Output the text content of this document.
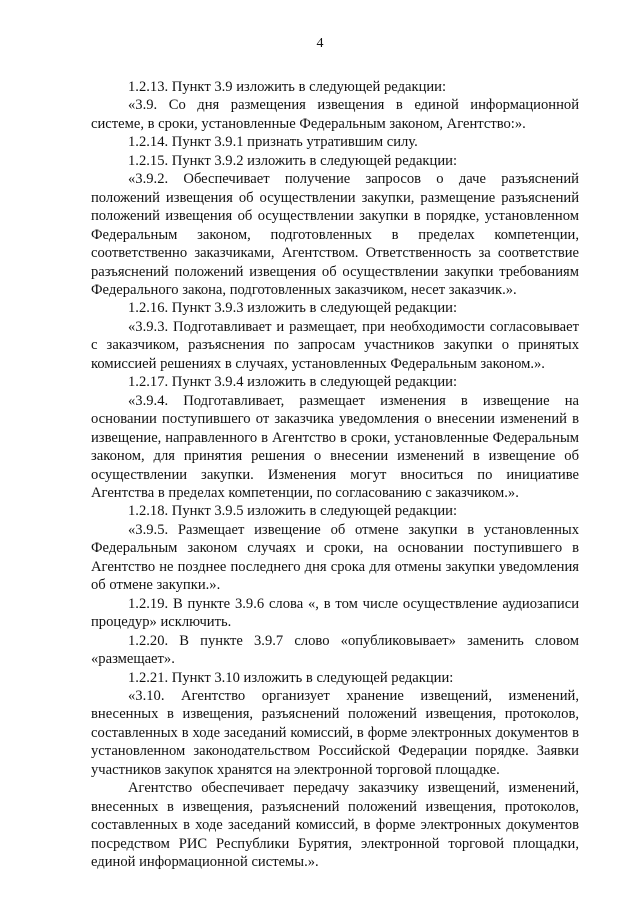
4

1.2.13. Пункт 3.9 изложить в следующей редакции:

«3.9. Со дня размещения извещения в единой информационной
системе, в сроки, установленные Федеральным законом, Агентство:».

1.2.14. Пункт 3.9.1 признать утратившим силу.

1.2.15. Пункт 3.9.2 изложить в следующей редакции:

«3.9.2. Обеспечивает получение запросов о даче разъяснений
положений извещения об осуществлении закупки, размещение разъяснений
положений извещения об осуществлении закупки в порядке, установленном
Федеральным законом, подготовленных в пределах компетенции,
соответственно заказчиками, Агентством. Ответственность за соответствие
разъяснений положений извещения об осуществлении закупки требованиям
Федерального закона, подготовленных заказчиком, несет заказчик.».

1.2.16. Пункт 3.9.3 изложить в следующей редакции:

«3.9.3. Подготавливает и размещает, при необходимости согласовывает
с заказчиком, разъяснения по запросам участников закупки о принятых
комиссией решениях в случаях, установленных Федеральным законом.».

1.2.17. Пункт 3.9.4 изложить в следующей редакции:

«3.9.4. Подготавливает, размещает изменения в извещение на
основании поступившего от заказчика уведомления о внесении изменений в
извещение, направленного в Агентство в сроки, установленные Федеральным
законом, для принятия решения о внесении изменений в извещение об
осуществлении закупки. Изменения могут вноситься по инициативе
Агентства в пределах компетенции, по согласованию с заказчиком.».

1.2.18. Пункт 3.9.5 изложить в следующей редакции:

«3.9.5. Размещает извещение об отмене закупки в установленных
Федеральным законом случаях и сроки, на основании поступившего в
Агентство не позднее последнего дня срока для отмены закупки уведомления
об отмене закупки.».

1.2.19. В пункте 3.9.6 слова «, в том числе осуществление аудиозаписи
процедур» исключить.

1.2.20. В пункте 3.9.7 слово «опубликовывает» заменить словом
«размещает».

1.2.21. Пункт 3.10 изложить в следующей редакции:

«3.10. Агентство организует хранение извещений, изменений,
внесенных в извещения, разъяснений положений извещения, протоколов,
составленных в ходе заседаний комиссий, в форме электронных документов в
установленном законодательством Российской Федерации порядке. Заявки
участников закупок хранятся на электронной торговой площадке.

Агентство обеспечивает передачу заказчику извещений, изменений,
внесенных в извещения, разъяснений положений извещения, протоколов,
составленных в ходе заседаний комиссий, в форме электронных документов
посредством РИС Республики Бурятия, электронной торговой площадки,
единой информационной системы.».
